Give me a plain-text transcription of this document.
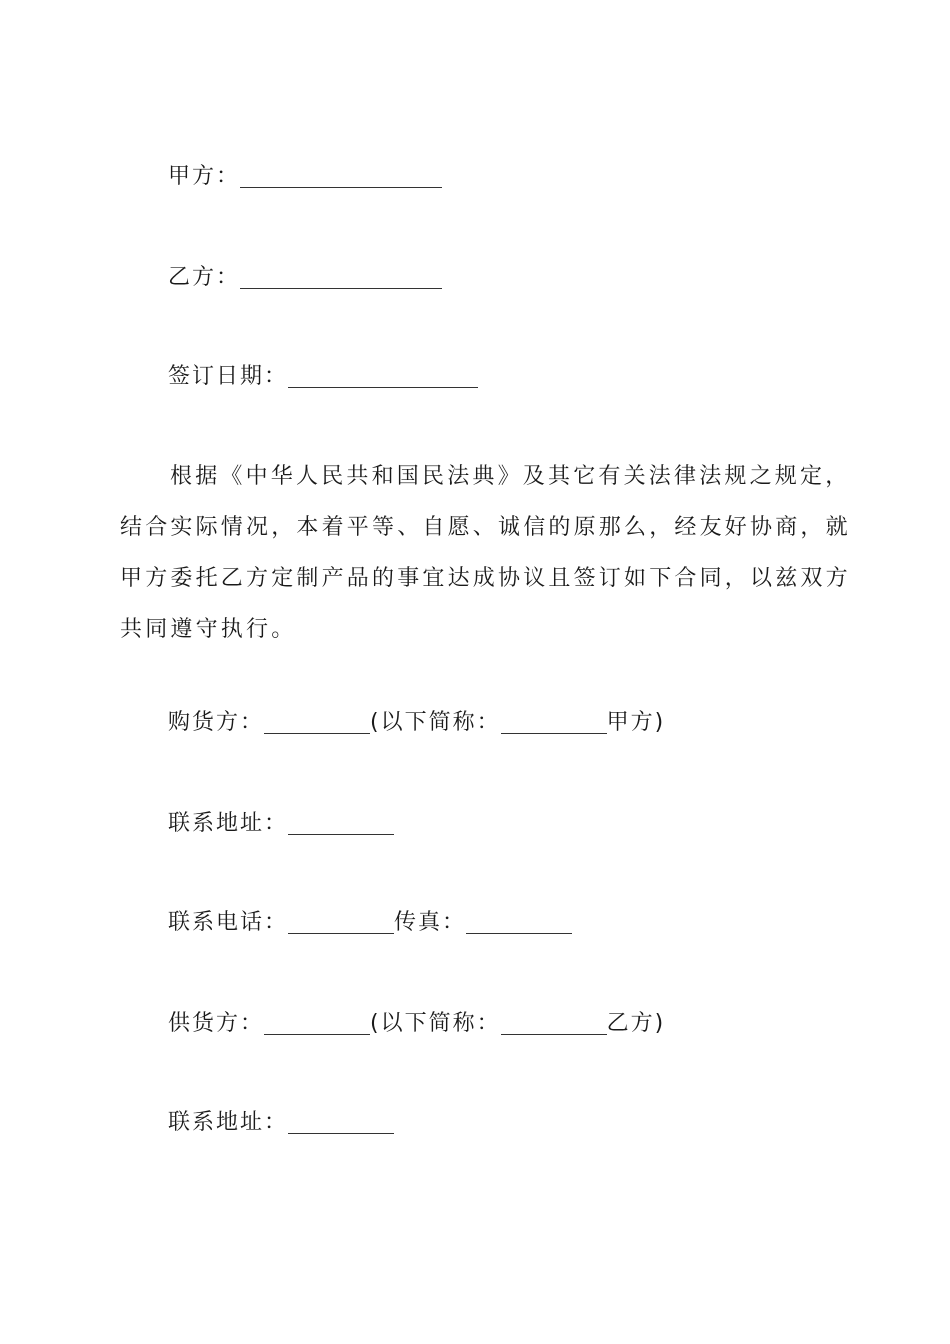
甲方：
乙方：
签订日期：
根据《中华人民共和国民法典》及其它有关法律法规之规定，
结合实际情况，本着平等、自愿、诚信的原那么，经友好协商，就
甲方委托乙方定制产品的事宜达成协议且签订如下合同，以兹双方
共同遵守执行。
购货方：	(以下简称：	甲方)
联系地址：
联系电话：	传真：
供货方：	(以下简称：	乙方)
联系地址：
